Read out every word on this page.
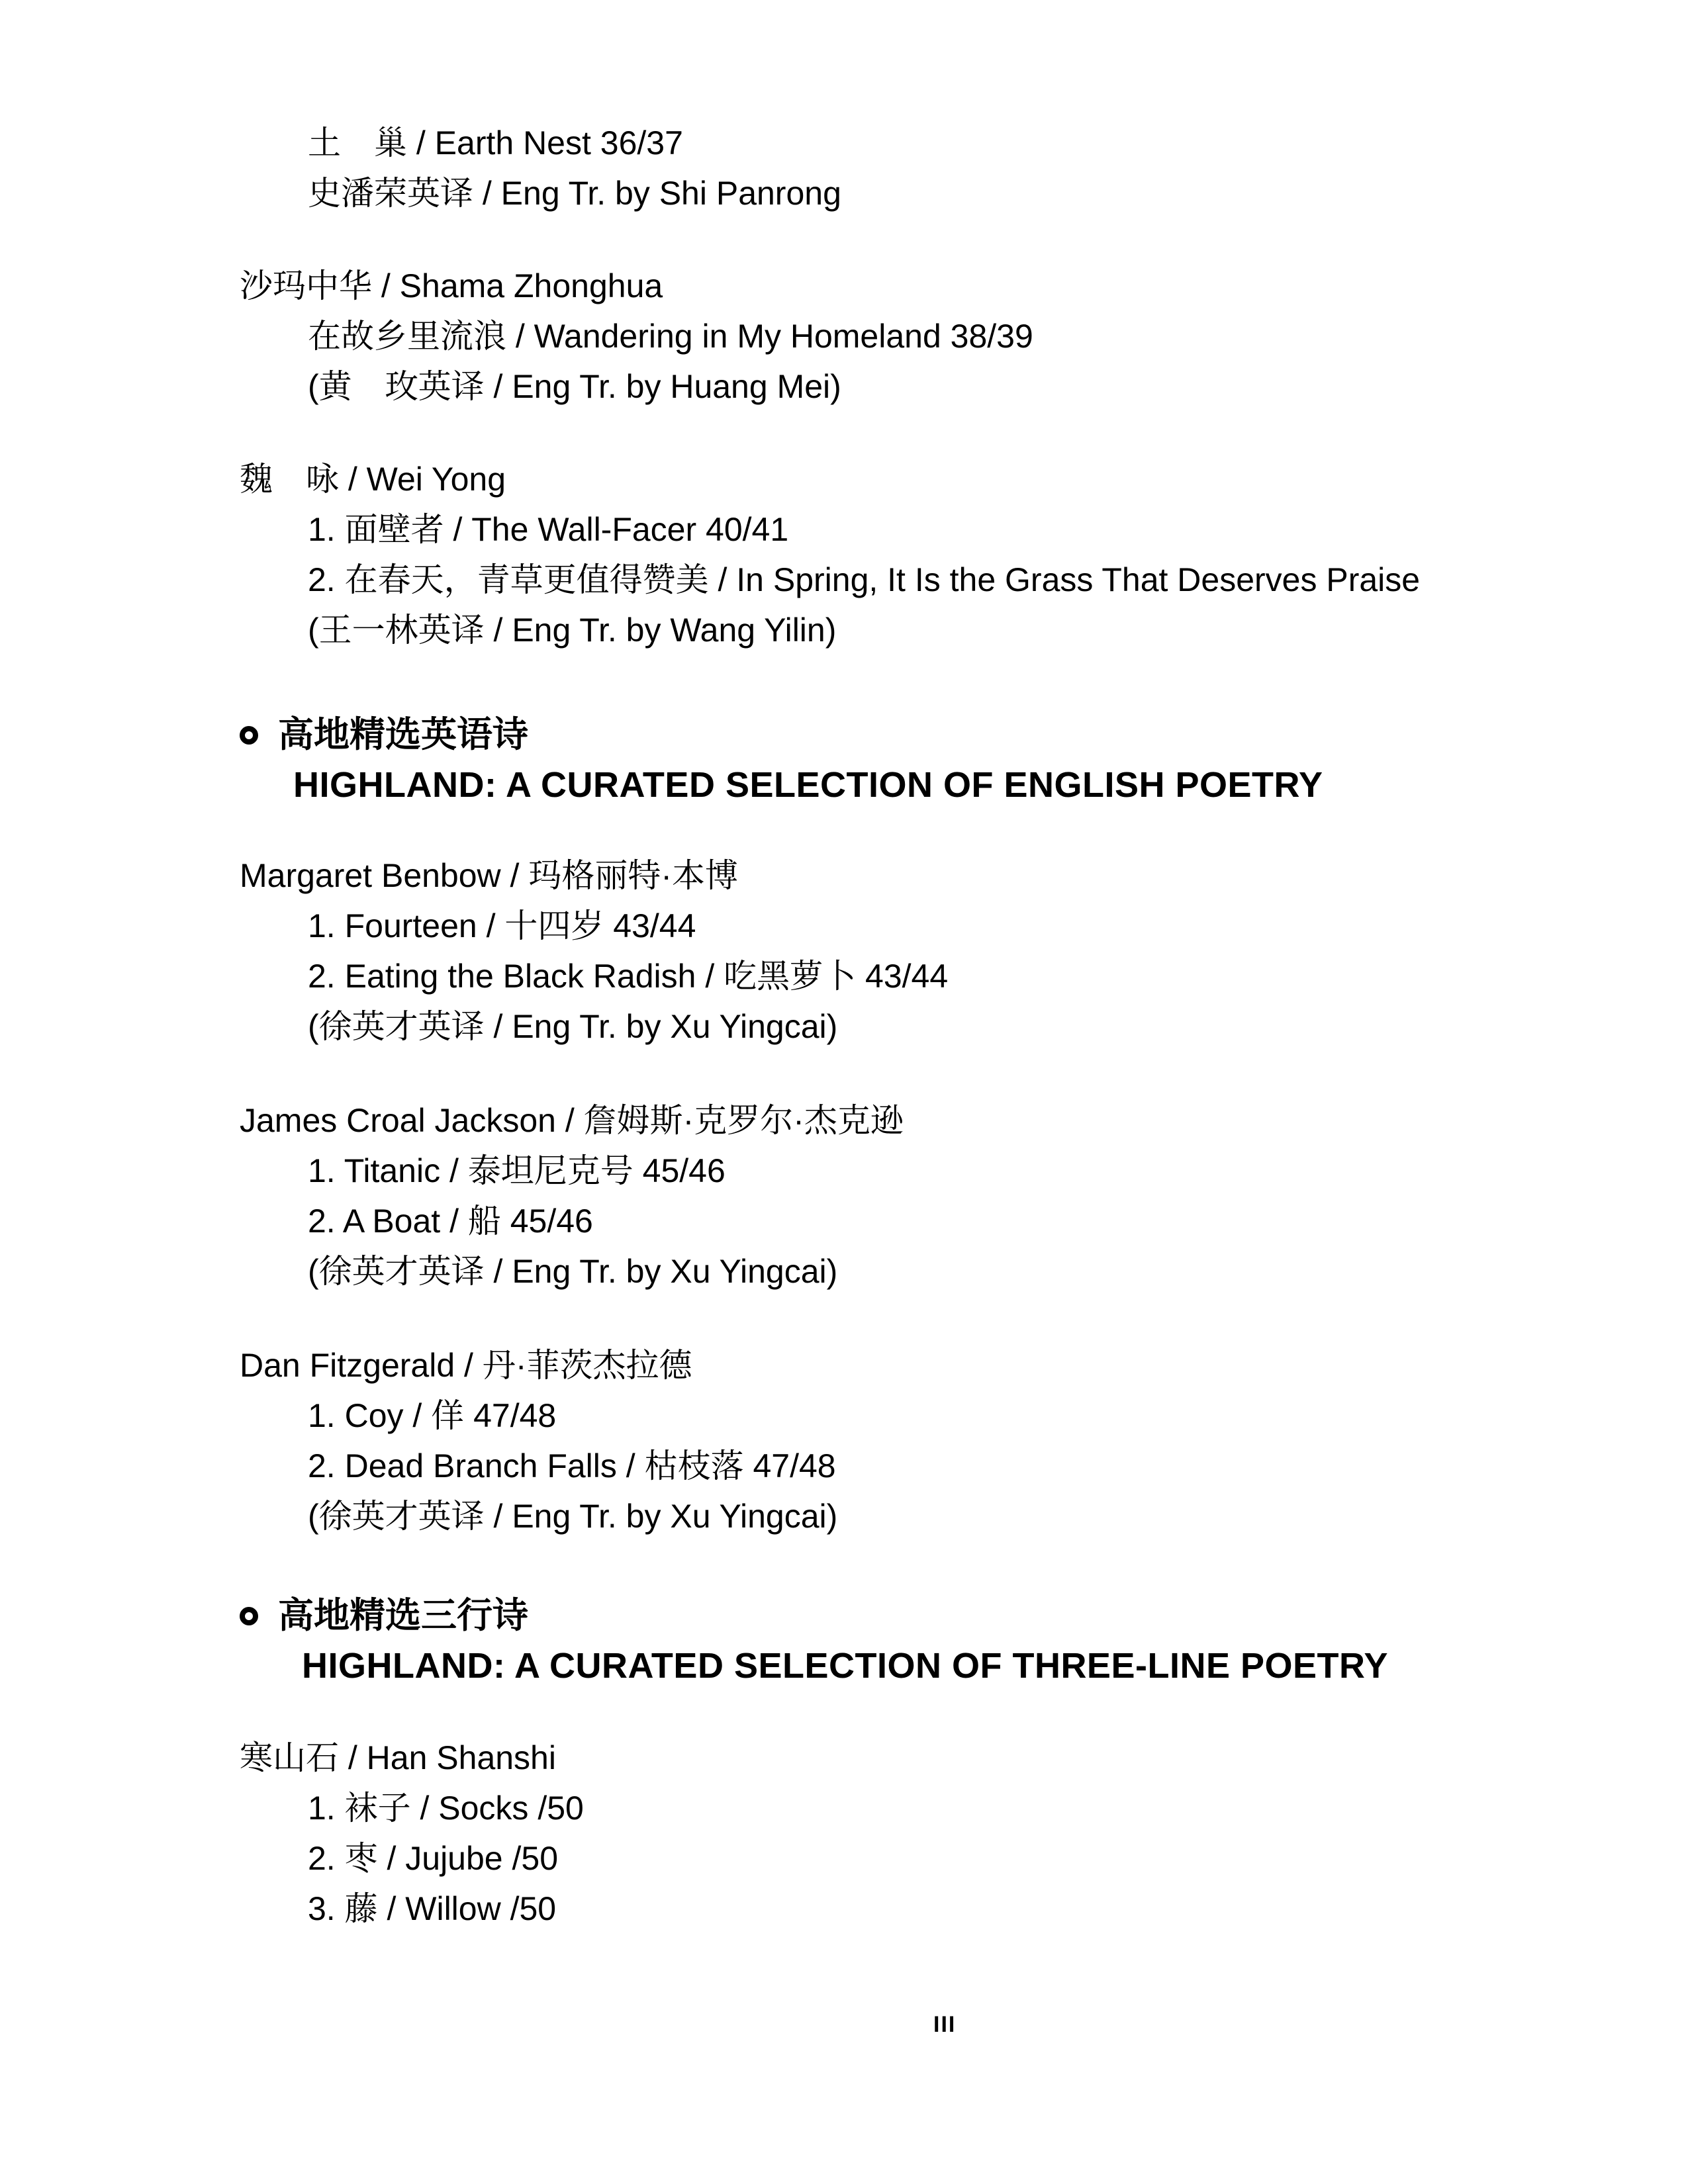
土　巢 / Earth Nest 36/37
史潘荣英译 / Eng Tr. by Shi Panrong
沙玛中华 / Shama Zhonghua
在故乡里流浪 / Wandering in My Homeland 38/39
(黄　玫英译 / Eng Tr. by Huang Mei)
魏　咏 / Wei Yong
1. 面壁者 / The Wall-Facer 40/41
2. 在春天，青草更值得赞美 / In Spring, It Is the Grass That Deserves Praise
(王一林英译 / Eng Tr. by Wang Yilin)
高地精选英语诗
HIGHLAND: A CURATED SELECTION OF ENGLISH POETRY
Margaret Benbow / 玛格丽特·本博
1. Fourteen / 十四岁 43/44
2. Eating the Black Radish / 吃黑萝卜 43/44
(徐英才英译 / Eng Tr. by Xu Yingcai)
James Croal Jackson / 詹姆斯·克罗尔·杰克逊
1. Titanic / 泰坦尼克号 45/46
2. A Boat / 船 45/46
(徐英才英译 / Eng Tr. by Xu Yingcai)
Dan Fitzgerald / 丹·菲茨杰拉德
1. Coy / 佯 47/48
2. Dead Branch Falls / 枯枝落 47/48
(徐英才英译 / Eng Tr. by Xu Yingcai)
高地精选三行诗
HIGHLAND: A CURATED SELECTION OF THREE-LINE POETRY
寒山石 / Han Shanshi
1. 袜子 / Socks /50
2. 枣 / Jujube /50
3. 藤 / Willow /50
III
